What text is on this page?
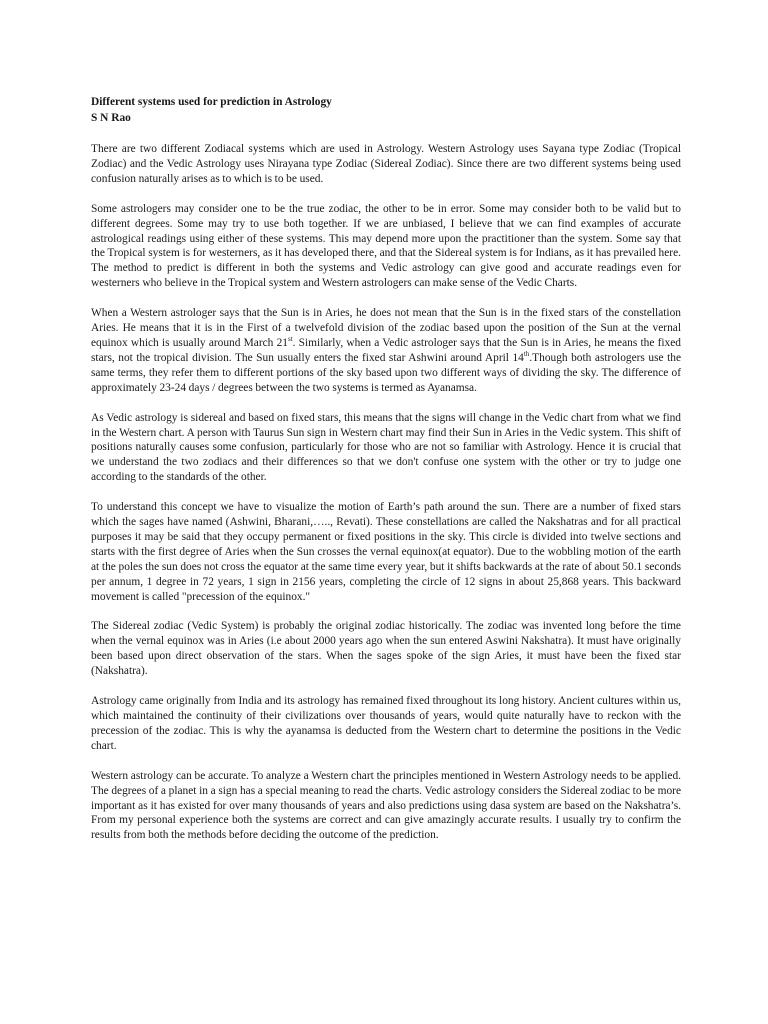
Different systems used for prediction in Astrology

S N Rao

There are two different Zodiacal systems which are used in Astrology. Western Astrology uses Sayana type Zodiac (Tropical Zodiac) and the Vedic Astrology uses Nirayana type Zodiac (Sidereal Zodiac). Since there are two different systems being used confusion naturally arises as to which is to be used.

Some astrologers may consider one to be the true zodiac, the other to be in error. Some may consider both to be valid but to different degrees. Some may try to use both together. If we are unbiased, I believe that we can find examples of accurate astrological readings using either of these systems. This may depend more upon the practitioner than the system. Some say that the Tropical system is for westerners, as it has developed there, and that the Sidereal system is for Indians, as it has prevailed here. The method to predict is different in both the systems and Vedic astrology can give good and accurate readings even for westerners who believe in the Tropical system and Western astrologers can make sense of the Vedic Charts.

When a Western astrologer says that the Sun is in Aries, he does not mean that the Sun is in the fixed stars of the constellation Aries. He means that it is in the First of a twelvefold division of the zodiac based upon the position of the Sun at the vernal equinox which is usually around March 21st. Similarly, when a Vedic astrologer says that the Sun is in Aries, he means the fixed stars, not the tropical division. The Sun usually enters the fixed star Ashwini around April 14th.Though both astrologers use the same terms, they refer them to different portions of the sky based upon two different ways of dividing the sky. The difference of approximately 23-24 days / degrees between the two systems is termed as Ayanamsa.

As Vedic astrology is sidereal and based on fixed stars, this means that the signs will change in the Vedic chart from what we find in the Western chart. A person with Taurus Sun sign in Western chart may find their Sun in Aries in the Vedic system. This shift of positions naturally causes some confusion, particularly for those who are not so familiar with Astrology. Hence it is crucial that we understand the two zodiacs and their differences so that we don't confuse one system with the other or try to judge one according to the standards of the other.

To understand this concept we have to visualize the motion of Earth’s path around the sun. There are a number of fixed stars which the sages have named (Ashwini, Bharani,….., Revati). These constellations are called the Nakshatras and for all practical purposes it may be said that they occupy permanent or fixed positions in the sky. This circle is divided into twelve sections and starts with the first degree of Aries when the Sun crosses the vernal equinox(at equator). Due to the wobbling motion of the earth at the poles the sun does not cross the equator at the same time every year, but it shifts backwards at the rate of about 50.1 seconds per annum, 1 degree in 72 years, 1 sign in 2156 years, completing the circle of 12 signs in about 25,868 years. This backward movement is called "precession of the equinox."

The Sidereal zodiac (Vedic System) is probably the original zodiac historically. The zodiac was invented long before the time when the vernal equinox was in Aries (i.e about 2000 years ago when the sun entered Aswini Nakshatra). It must have originally been based upon direct observation of the stars. When the sages spoke of the sign Aries, it must have been the fixed star (Nakshatra).

Astrology came originally from India and its astrology has remained fixed throughout its long history. Ancient cultures within us, which maintained the continuity of their civilizations over thousands of years, would quite naturally have to reckon with the precession of the zodiac. This is why the ayanamsa is deducted from the Western chart to determine the positions in the Vedic chart.

Western astrology can be accurate. To analyze a Western chart the principles mentioned in Western Astrology needs to be applied. The degrees of a planet in a sign has a special meaning to read the charts. Vedic astrology considers the Sidereal zodiac to be more important as it has existed for over many thousands of years and also predictions using dasa system are based on the Nakshatra’s. From my personal experience both the systems are correct and can give amazingly accurate results. I usually try to confirm the results from both the methods before deciding the outcome of the prediction.
